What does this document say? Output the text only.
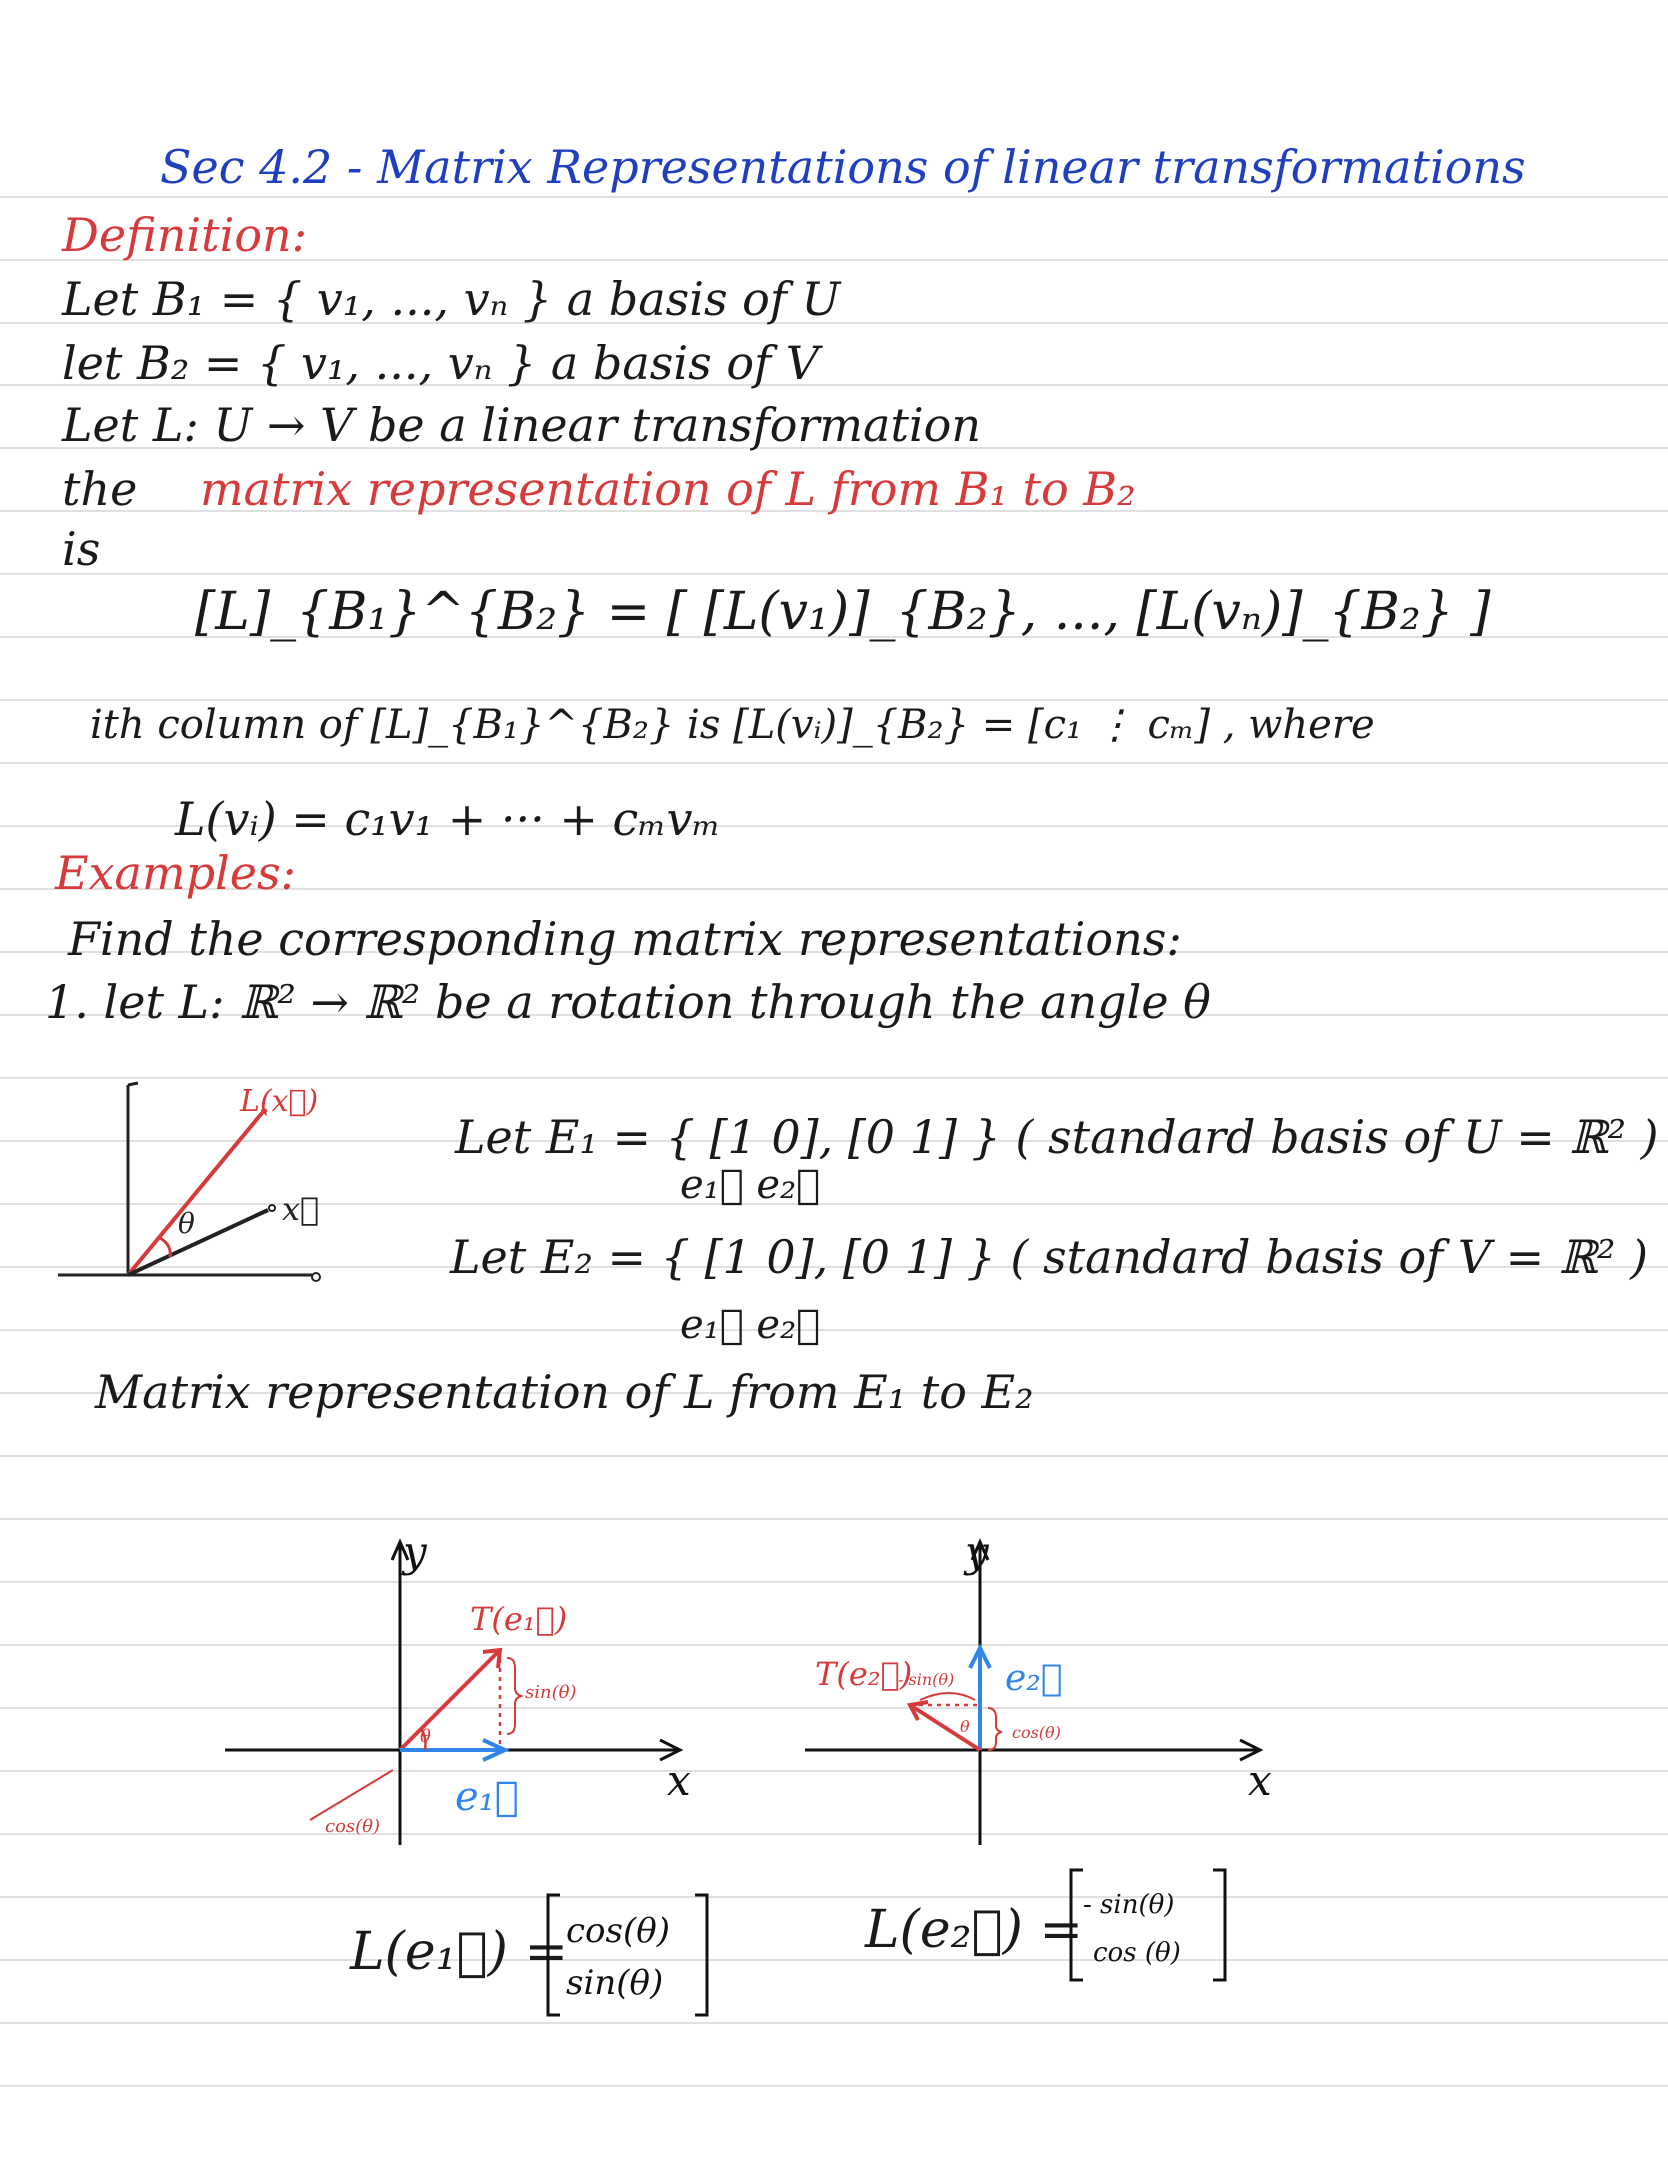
Sec 4.2 - Matrix Representations of linear transformations
Definition:
Let B₁ = { v₁, ..., vₙ } a basis of U
let B₂ = { v₁, ..., vₙ } a basis of V
Let L: U → V be a linear transformation
the matrix representation of L from B₁ to B₂
is
[L]_{B₁}^{B₂} = [ [L(v₁)]_{B₂}, ..., [L(vₙ)]_{B₂} ]
ith column of [L]_{B₁}^{B₂} is [L(vᵢ)]_{B₂} = [c₁ ⋮ cₘ] , where
L(vᵢ) = c₁v₁ + ··· + cₘvₘ
Examples:
Find the corresponding matrix representations:
1. let L: ℝ² → ℝ² be a rotation through the angle θ
L(x⃗)
θ	x⃗
Let E₁ = { [1 0], [0 1] } ( standard basis of U = ℝ² )
e₁⃗ e₂⃗
Let E₂ = { [1 0], [0 1] } ( standard basis of V = ℝ² )
e₁⃗ e₂⃗
Matrix representation of L from E₁ to E₂
y
x
T(e₁⃗)
sin(θ)
θ
e₁⃗
cos(θ)
y
x
T(e₂⃗)
- sin(θ)
θ
e₂⃗
cos(θ)
L(e₁⃗) =
cos(θ)
sin(θ)
L(e₂⃗) = - sin(θ)
cos (θ)
